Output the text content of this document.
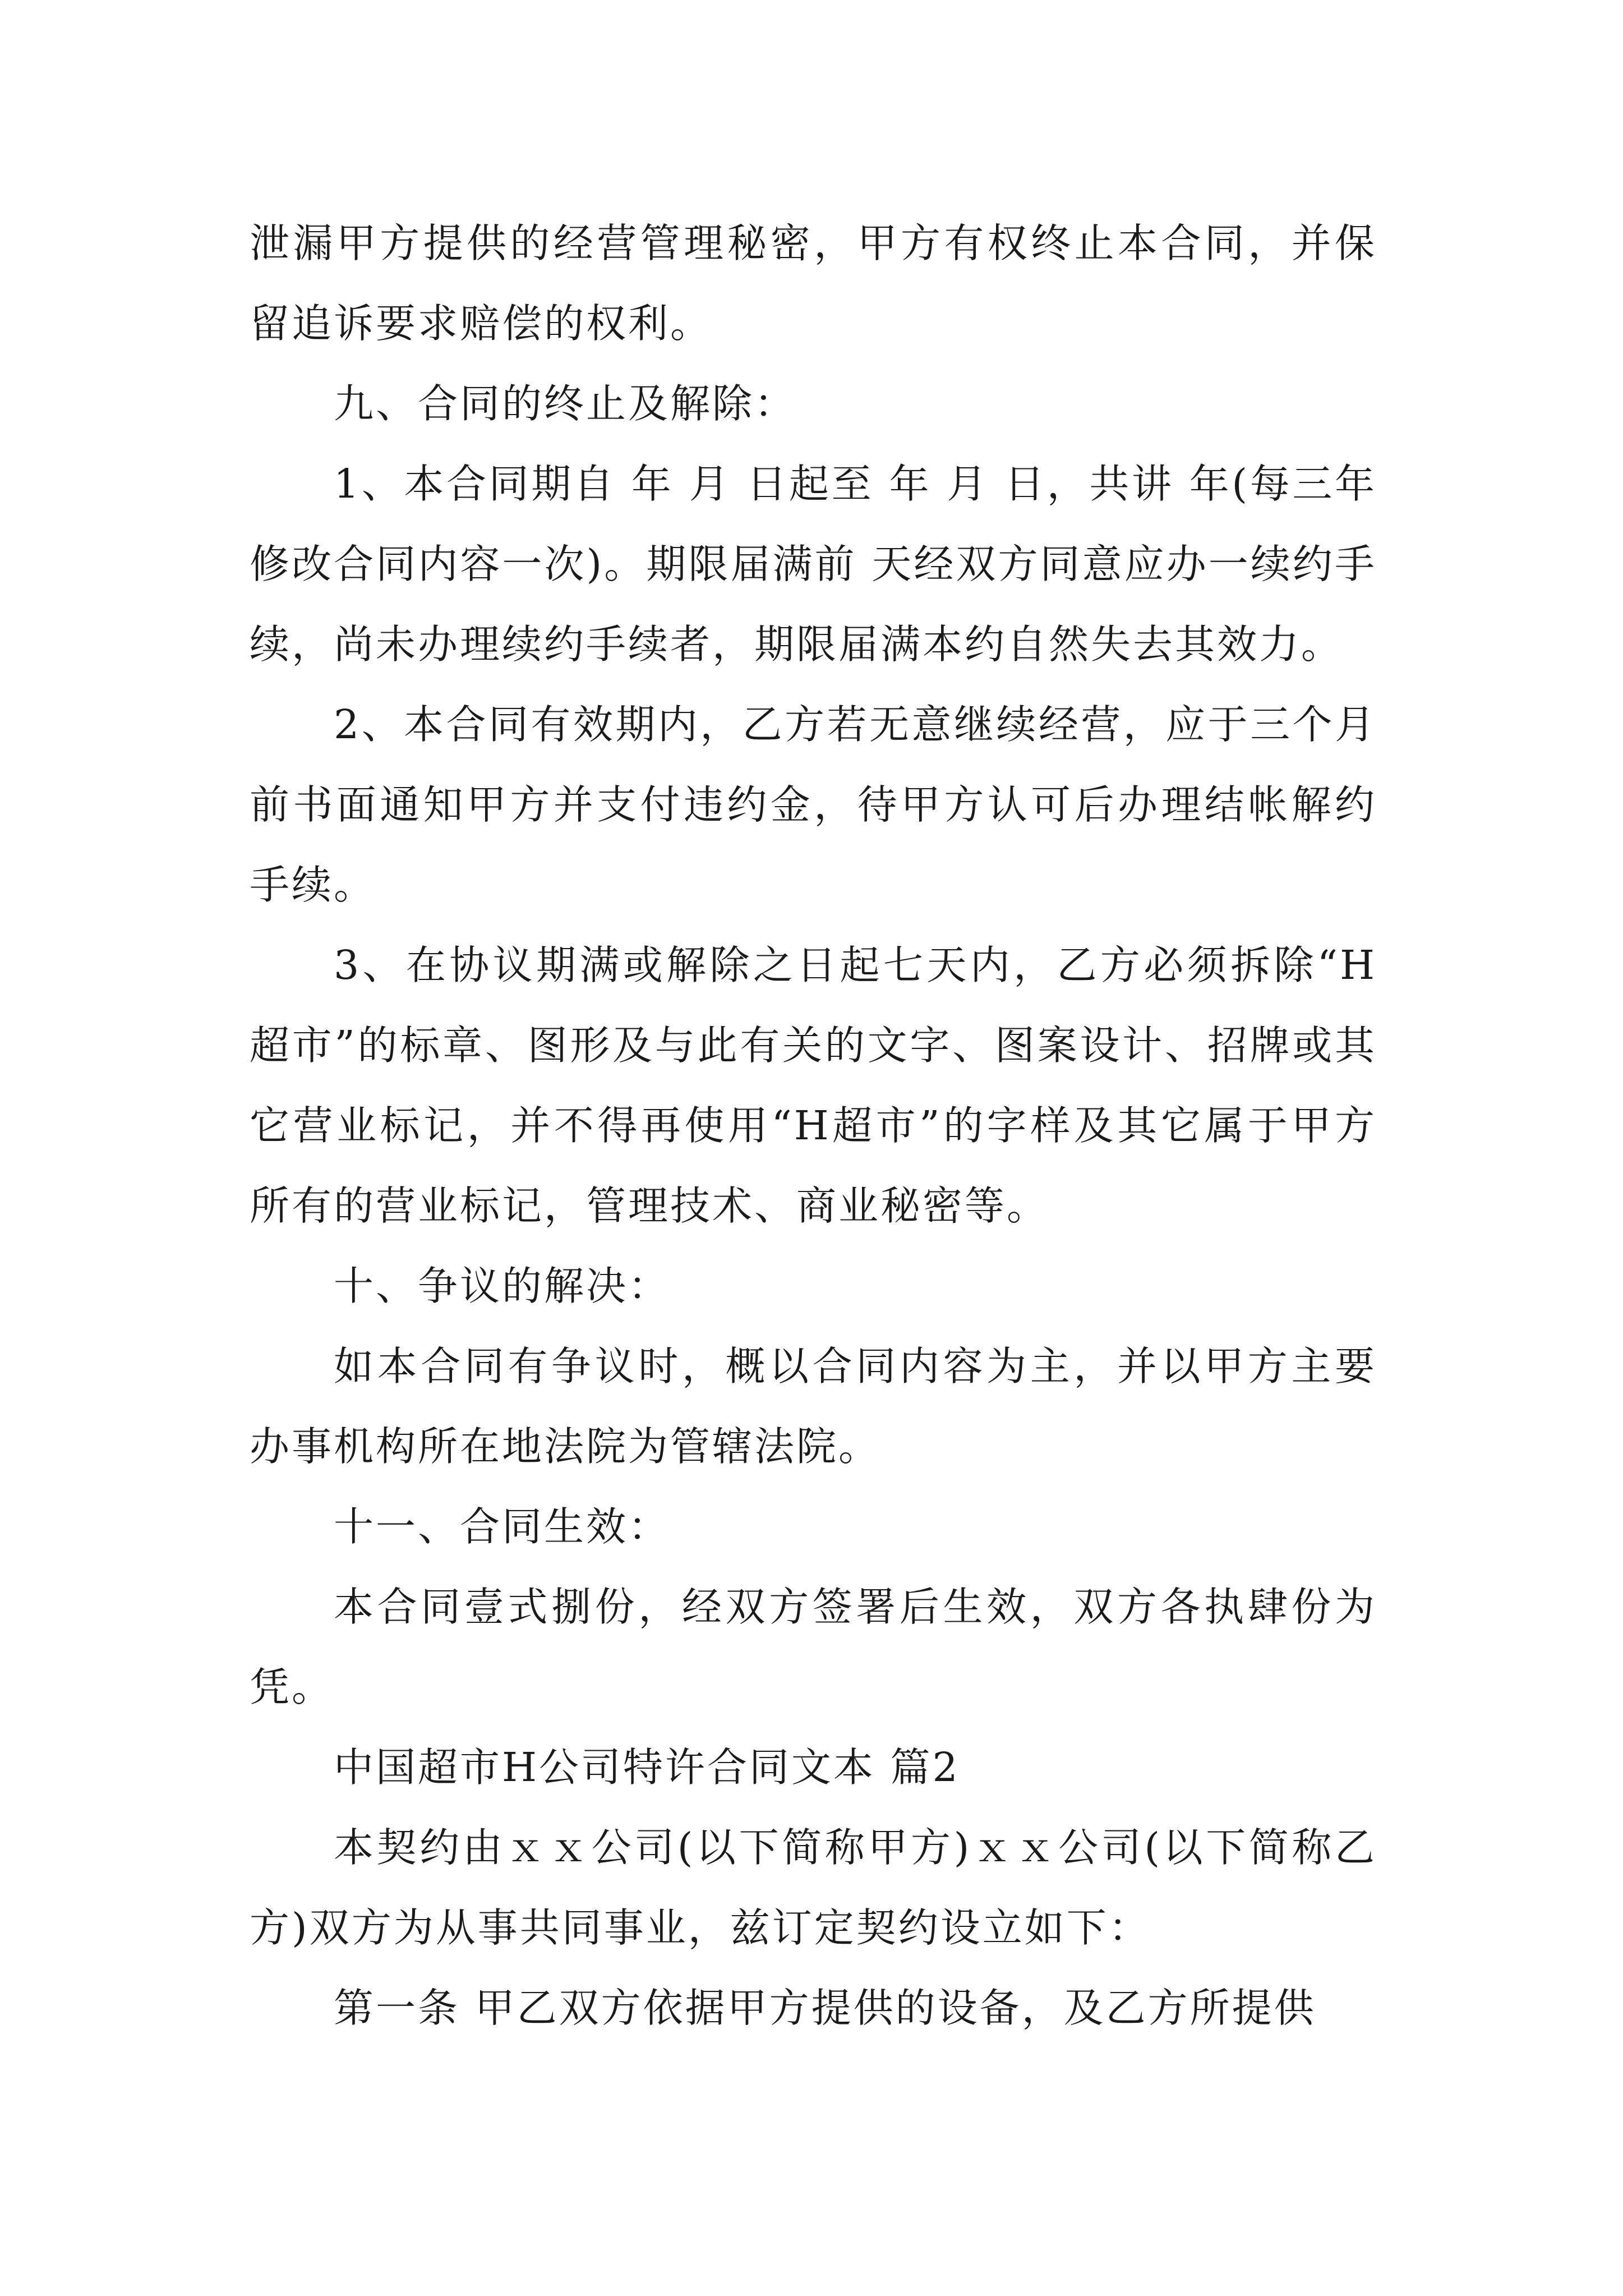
泄漏甲方提供的经营管理秘密，甲方有权终止本合同，并保留追诉要求赔偿的权利。

九、合同的终止及解除：

1、本合同期自 年 月 日起至 年 月 日，共讲 年(每三年修改合同内容一次)。期限届满前 天经双方同意应办一续约手续，尚未办理续约手续者，期限届满本约自然失去其效力。

2、本合同有效期内，乙方若无意继续经营，应于三个月前书面通知甲方并支付违约金，待甲方认可后办理结帐解约手续。

3、在协议期满或解除之日起七天内，乙方必须拆除“H超市”的标章、图形及与此有关的文字、图案设计、招牌或其它营业标记，并不得再使用“H超市”的字样及其它属于甲方所有的营业标记，管理技术、商业秘密等。

十、争议的解决：

如本合同有争议时，概以合同内容为主，并以甲方主要办事机构所在地法院为管辖法院。

十一、合同生效：

本合同壹式捌份，经双方签署后生效，双方各执肆份为凭。

中国超市H公司特许合同文本 篇2

本契约由ｘｘ公司(以下简称甲方)ｘｘ公司(以下简称乙方)双方为从事共同事业，兹订定契约设立如下：

第一条 甲乙双方依据甲方提供的设备，及乙方所提供
